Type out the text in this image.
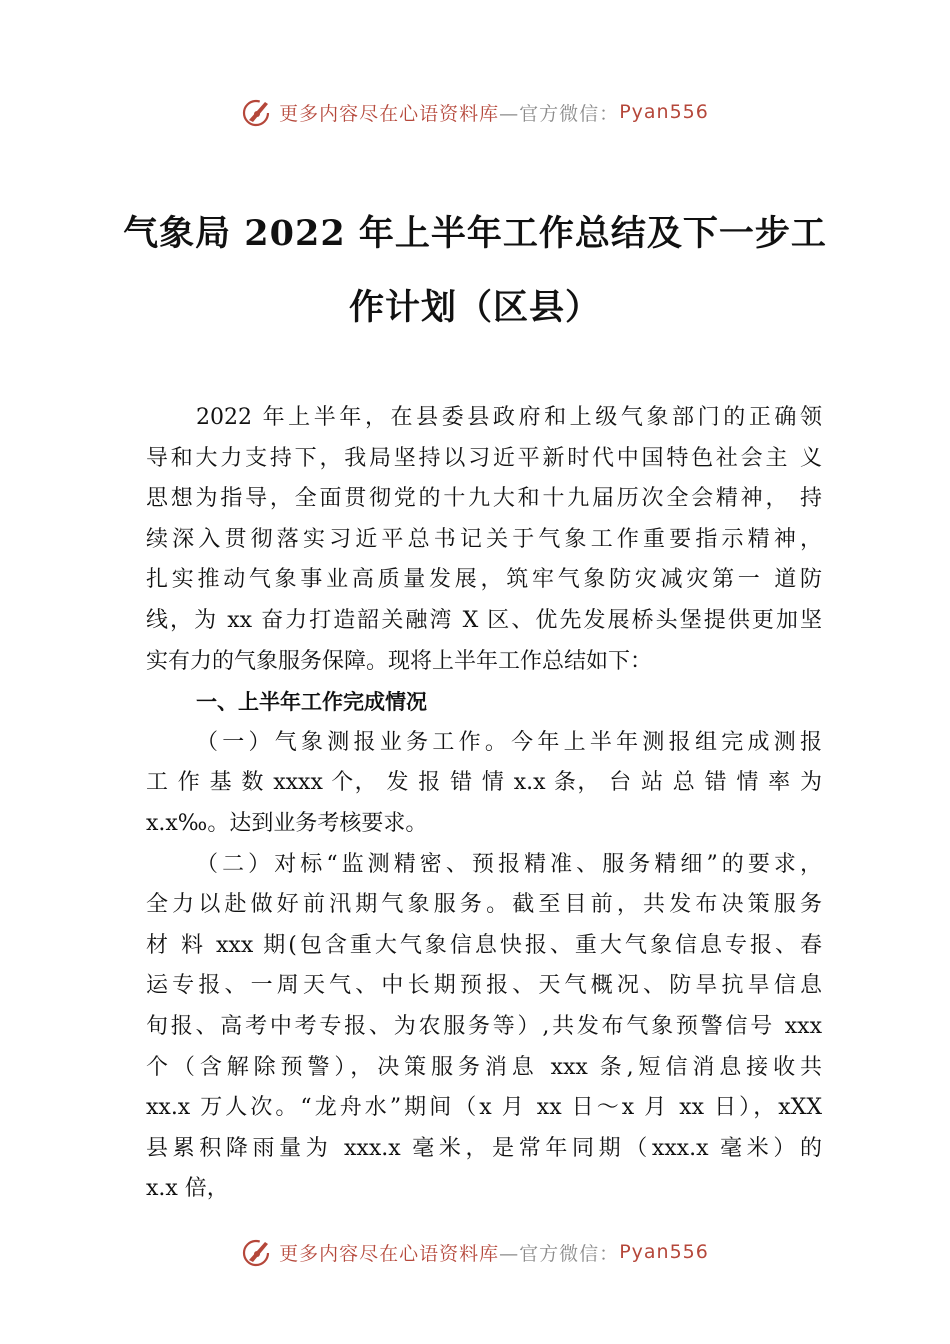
更多内容尽在心语资料库 —官方微信： Pyan556
气象局 2022 年上半年工作总结及下一步工
作计划（区县）
2022 年上半年，在县委县政府和上级气象部门的正确领
导和大力支持下，我局坚持以习近平新时代中国特色社会主 义
思想为指导，全面贯彻党的十九大和十九届历次全会精神， 持
续深入贯彻落实习近平总书记关于气象工作重要指示精神，
扎实推动气象事业高质量发展，筑牢气象防灾减灾第一 道防
线，为 xx 奋力打造韶关融湾 X 区、优先发展桥头堡提供更加坚
实有力的气象服务保障。现将上半年工作总结如下：
一、上半年工作完成情况
（一）气象测报业务工作。今年上半年测报组完成测报
工 作 基 数 xxxx 个， 发 报 错 情 x.x 条， 台 站 总 错 情 率 为
x.x‰。达到业务考核要求。
（二）对标“监测精密、预报精准、服务精细”的要求，
全力以赴做好前汛期气象服务。截至目前，共发布决策服务
材 料 xxx 期(包含重大气象信息快报、重大气象信息专报、春
运专报、一周天气、中长期预报、天气概况、防旱抗旱信息
旬报、高考中考专报、为农服务等）,共发布气象预警信号 xxx
个（含解除预警），决策服务消息 xxx 条,短信消息接收共
xx.x 万人次。“龙舟水”期间（x 月 xx 日～x 月 xx 日），xXX
县累积降雨量为 xxx.x 毫米，是常年同期（xxx.x 毫米）的
x.x 倍，
更多内容尽在心语资料库 —官方微信： Pyan556
